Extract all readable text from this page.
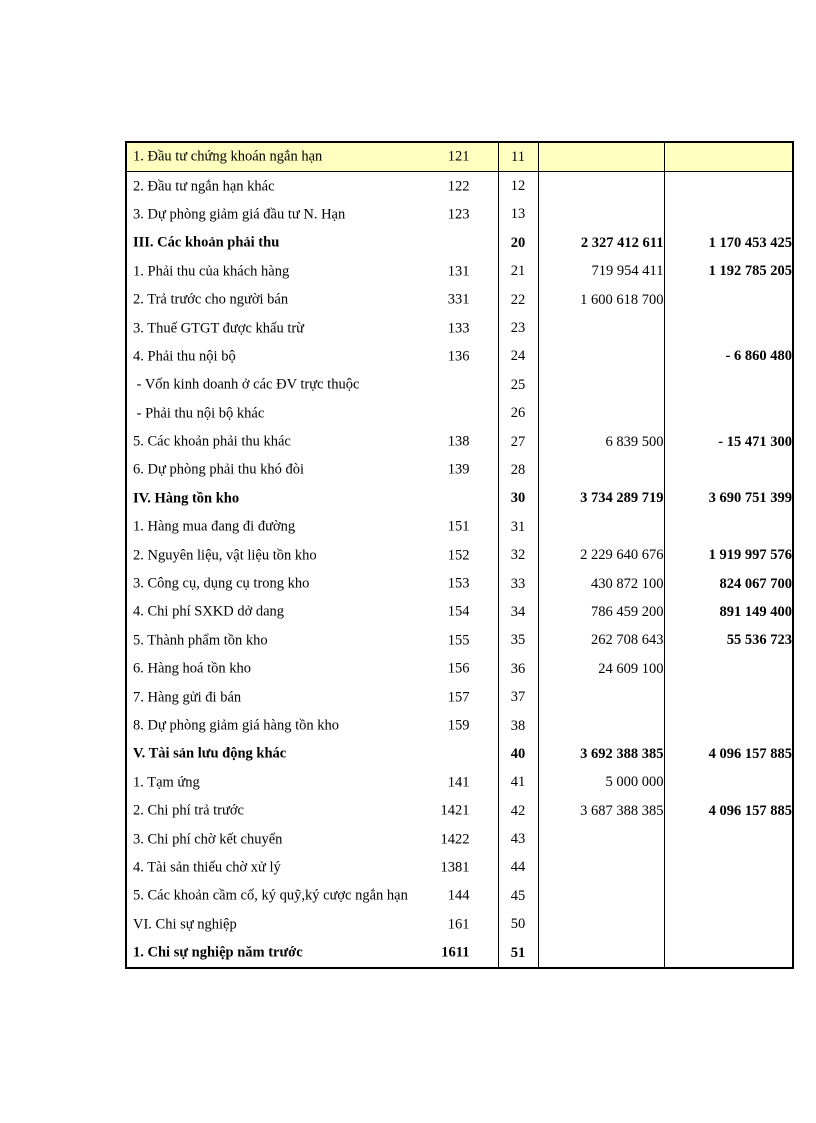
1. Đầu tư chứng khoán ngắn hạn 121	11		

2. Đầu tư ngắn hạn khác 122	12		

3. Dự phòng giảm giá đầu tư N. Hạn 123	13		

III. Các khoản phải thu	20	2 327 412 611	1 170 453 425

1. Phải thu của khách hàng 131	21	719 954 411	1 192 785 205

2. Trả trước cho người bán 331	22	1 600 618 700	

3. Thuế GTGT được khấu trừ 133	23		

4. Phải thu nội bộ 136	24		- 6 860 480

- Vốn kinh doanh ở các ĐV trực thuộc	25		

- Phải thu nội bộ khác	26		

5. Các khoản phải thu khác 138	27	6 839 500	- 15 471 300

6. Dự phòng phải thu khó đòi 139	28		

IV. Hàng tồn kho	30	3 734 289 719	3 690 751 399

1. Hàng mua đang đi đường 151	31		

2. Nguyên liệu, vật liệu tồn kho 152	32	2 229 640 676	1 919 997 576

3. Công cụ, dụng cụ trong kho 153	33	430 872 100	824 067 700

4. Chi phí SXKD dở dang 154	34	786 459 200	891 149 400

5. Thành phẩm tồn kho 155	35	262 708 643	55 536 723

6. Hàng hoá tồn kho 156	36	24 609 100	

7. Hàng gửi đi bán 157	37		

8. Dự phòng giảm giá hàng tồn kho 159	38		

V. Tài sản lưu động khác	40	3 692 388 385	4 096 157 885

1. Tạm ứng 141	41	5 000 000	

2. Chi phí trả trước 1421	42	3 687 388 385	4 096 157 885

3. Chi phí chờ kết chuyển 1422	43		

4. Tài sản thiếu chờ xử lý 1381	44		

5. Các khoản cầm cố, ký quỹ,ký cược ngắn hạn 144	45		

VI. Chi sự nghiệp 161	50		

1. Chi sự nghiệp năm trước 1611	51		
